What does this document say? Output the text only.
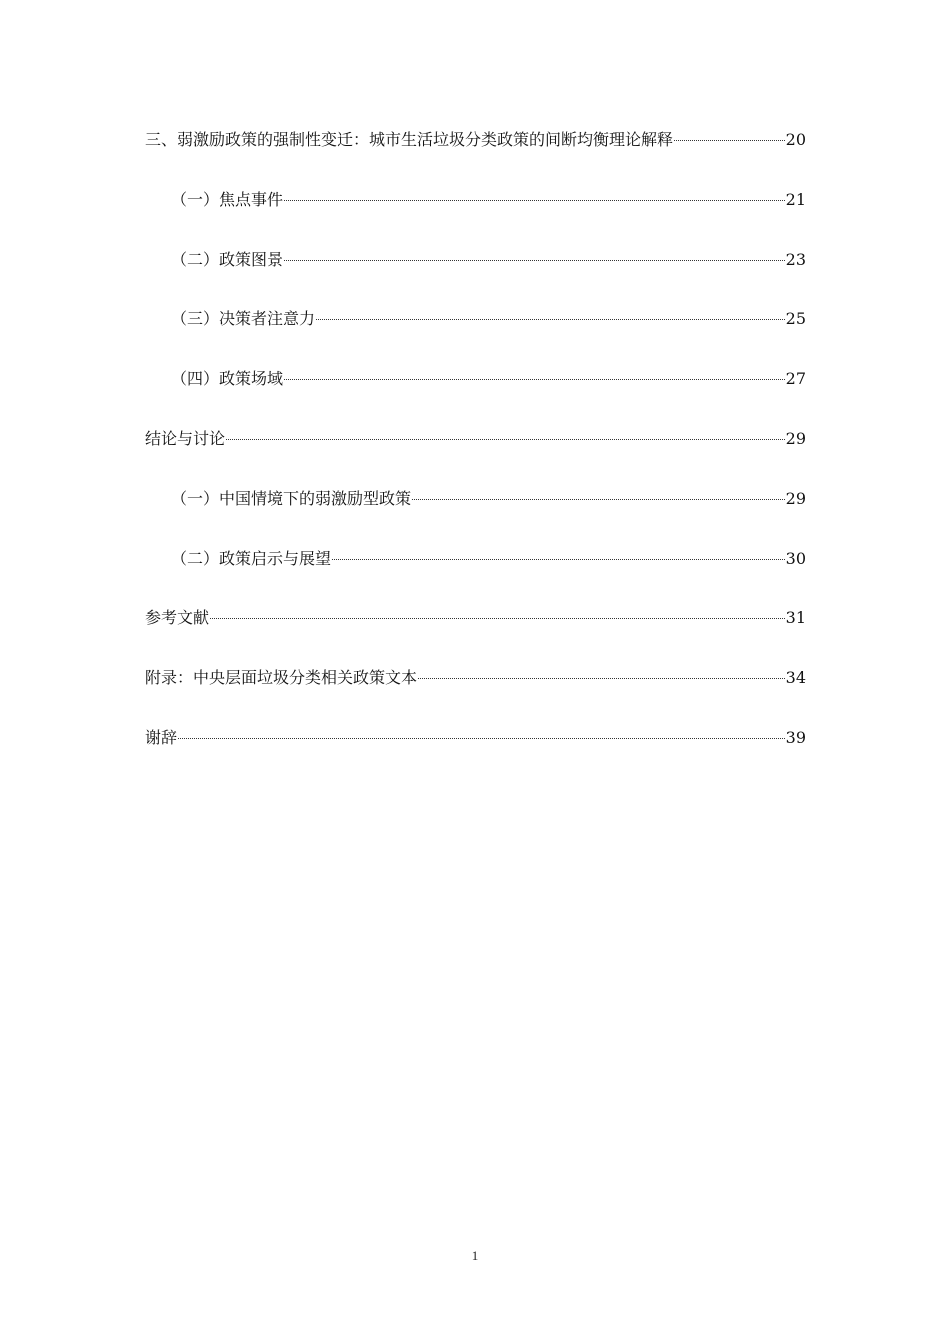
三、弱激励政策的强制性变迁：城市生活垃圾分类政策的间断均衡理论解释	20
（一）焦点事件	21
（二）政策图景	23
（三）决策者注意力	25
（四）政策场域	27
结论与讨论	29
（一）中国情境下的弱激励型政策	29
（二）政策启示与展望	30
参考文献	31
附录：中央层面垃圾分类相关政策文本	34
谢辞	39
1
